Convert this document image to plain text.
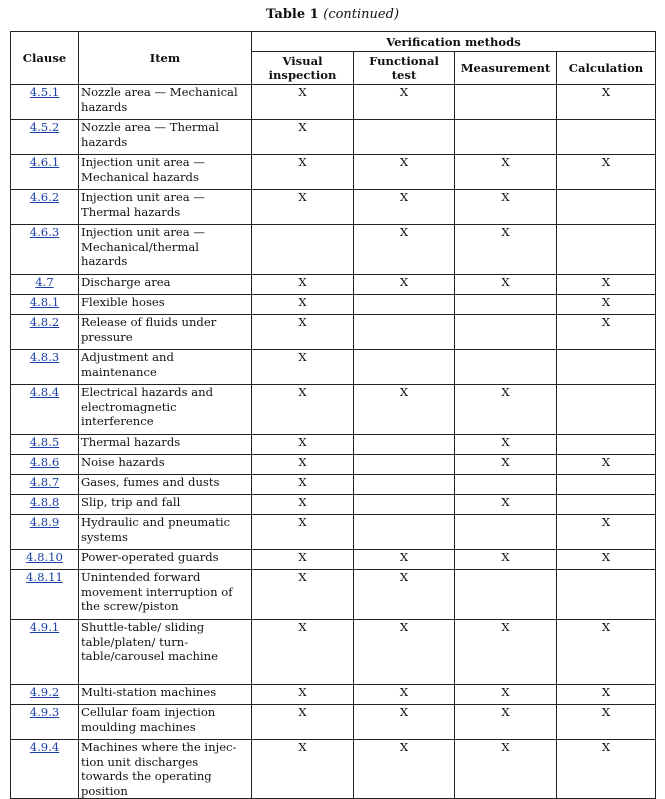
Table 1 (continued)
Clause	Item	Verification methods			
		Visual inspection	Functional test	Measurement	Calculation
4.5.1	Nozzle area — Mechanical hazards	X	X		X
4.5.2	Nozzle area — Thermal hazards	X			
4.6.1	Injection unit area — Mechanical hazards	X	X	X	X
4.6.2	Injection unit area — Thermal hazards	X	X	X	
4.6.3	Injection unit area — Mechanical/thermal hazards		X	X	
4.7	Discharge area	X	X	X	X
4.8.1	Flexible hoses	X			X
4.8.2	Release of fluids under pressure	X			X
4.8.3	Adjustment and maintenance	X			
4.8.4	Electrical hazards and electromagnetic interference	X	X	X	
4.8.5	Thermal hazards	X		X	
4.8.6	Noise hazards	X		X	X
4.8.7	Gases, fumes and dusts	X			
4.8.8	Slip, trip and fall	X		X	
4.8.9	Hydraulic and pneumatic systems	X			X
4.8.10	Power-operated guards	X	X	X	X
4.8.11	Unintended forward movement interruption of the screw/piston	X	X		
4.9.1	Shuttle-table/ sliding table/platen/ turn-table/carousel machine	X	X	X	X
4.9.2	Multi-station machines	X	X	X	X
4.9.3	Cellular foam injection moulding machines	X	X	X	X
4.9.4	Machines where the injec-tion unit discharges towards the operating position	X	X	X	X
